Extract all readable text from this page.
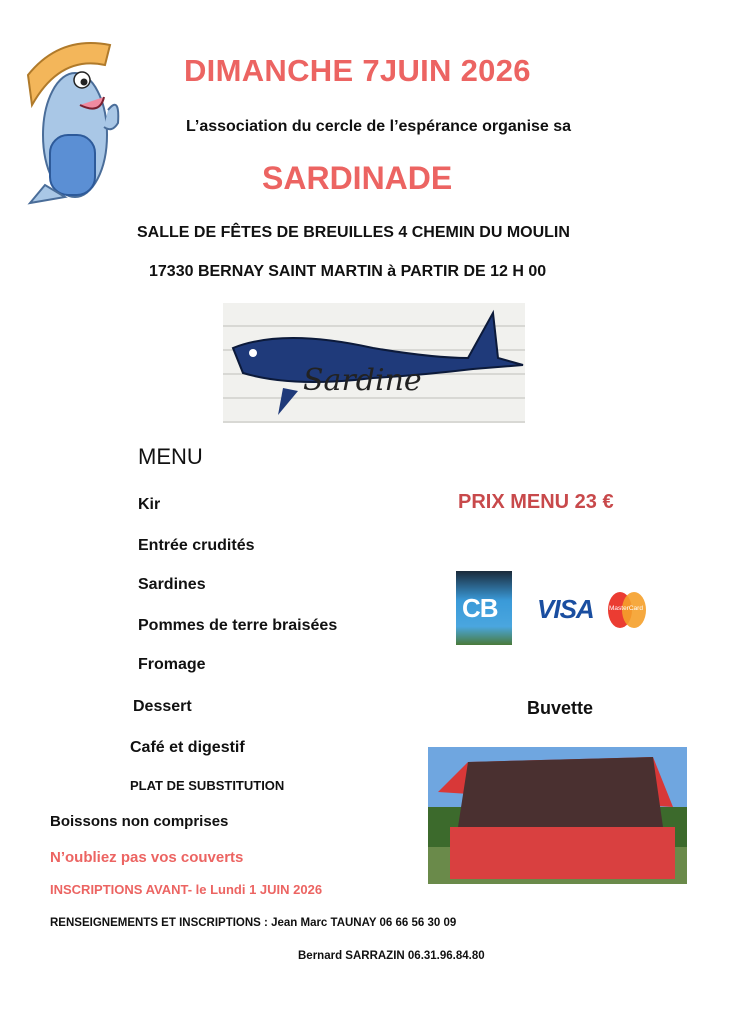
DIMANCHE 7JUIN 2026
L’association du cercle de l’espérance organise sa
SARDINADE
SALLE DE FÊTES DE BREUILLES 4 CHEMIN DU MOULIN
17330 BERNAY SAINT MARTIN à PARTIR DE 12 H 00
Sardine
MENU
Kir
Entrée crudités
Sardines
Pommes de terre braisées
Fromage
Dessert
Café et digestif
PLAT DE SUBSTITUTION
Boissons non comprises
N’oubliez pas vos couverts
INSCRIPTIONS AVANT- le Lundi 1 JUIN 2026
RENSEIGNEMENTS ET INSCRIPTIONS : Jean Marc TAUNAY 06 66 56 30 09
Bernard SARRAZIN 06.31.96.84.80
PRIX MENU 23 €
CB VISA MasterCard
Buvette
